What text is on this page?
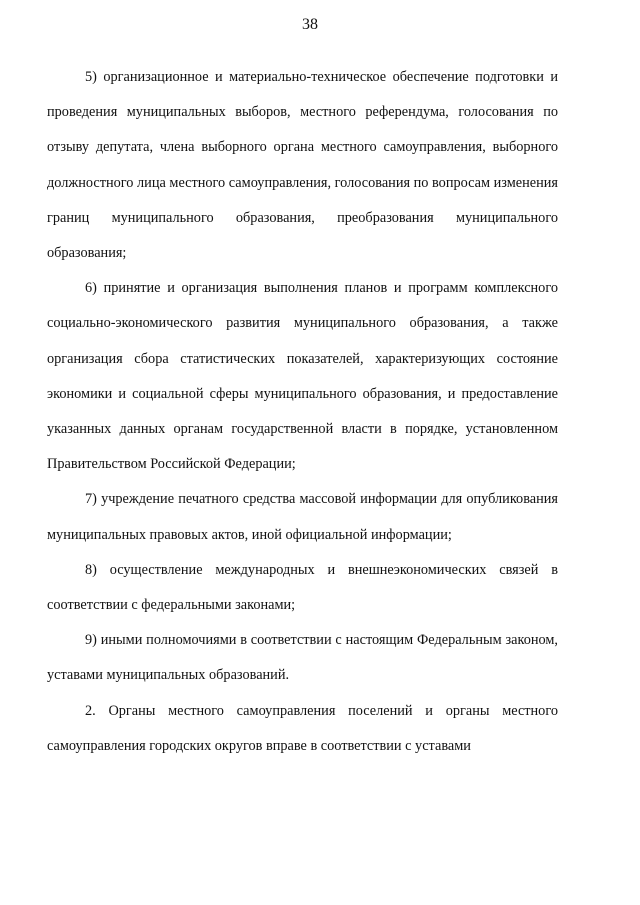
38

5) организационное и материально-техническое обеспечение подготовки и проведения муниципальных выборов, местного референдума, голосования по отзыву депутата, члена выборного органа местного самоуправления, выборного должностного лица местного самоуправления, голосования по вопросам изменения границ муниципального образования, преобразования муниципального образования;

6) принятие и организация выполнения планов и программ комплексного социально-экономического развития муниципального образования, а также организация сбора статистических показателей, характеризующих состояние экономики и социальной сферы муниципального образования, и предоставление указанных данных органам государственной власти в порядке, установленном Правительством Российской Федерации;

7) учреждение печатного средства массовой информации для опубликования муниципальных правовых актов, иной официальной информации;

8) осуществление международных и внешнеэкономических связей в соответствии с федеральными законами;

9) иными полномочиями в соответствии с настоящим Федеральным законом, уставами муниципальных образований.

2. Органы местного самоуправления поселений и органы местного самоуправления городских округов вправе в соответствии с уставами
